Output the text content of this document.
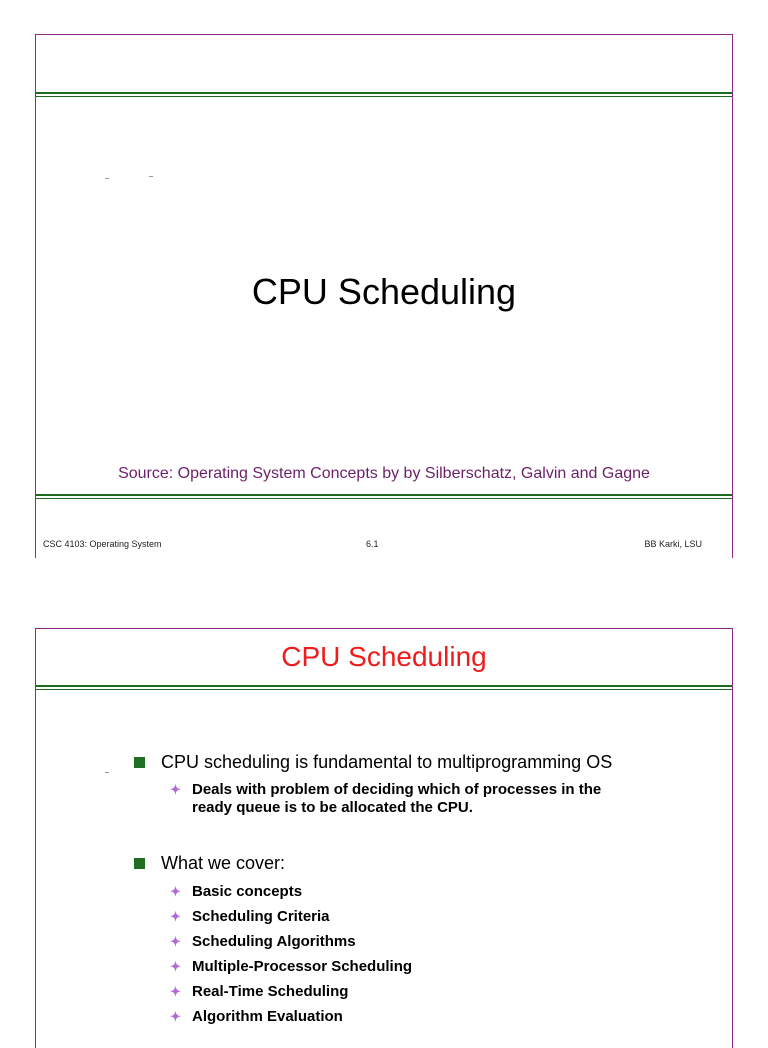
CPU Scheduling
Source: Operating System Concepts by by Silberschatz, Galvin and Gagne
CSC 4103: Operating System	6.1	BB Karki, LSU
CPU Scheduling
CPU scheduling is fundamental to multiprogramming OS
✦ Deals with problem of deciding which of processes in the ready queue is to be allocated the CPU.
What we cover:
✦ Basic concepts
✦ Scheduling Criteria
✦ Scheduling Algorithms
✦ Multiple-Processor Scheduling
✦ Real-Time Scheduling
✦ Algorithm Evaluation
